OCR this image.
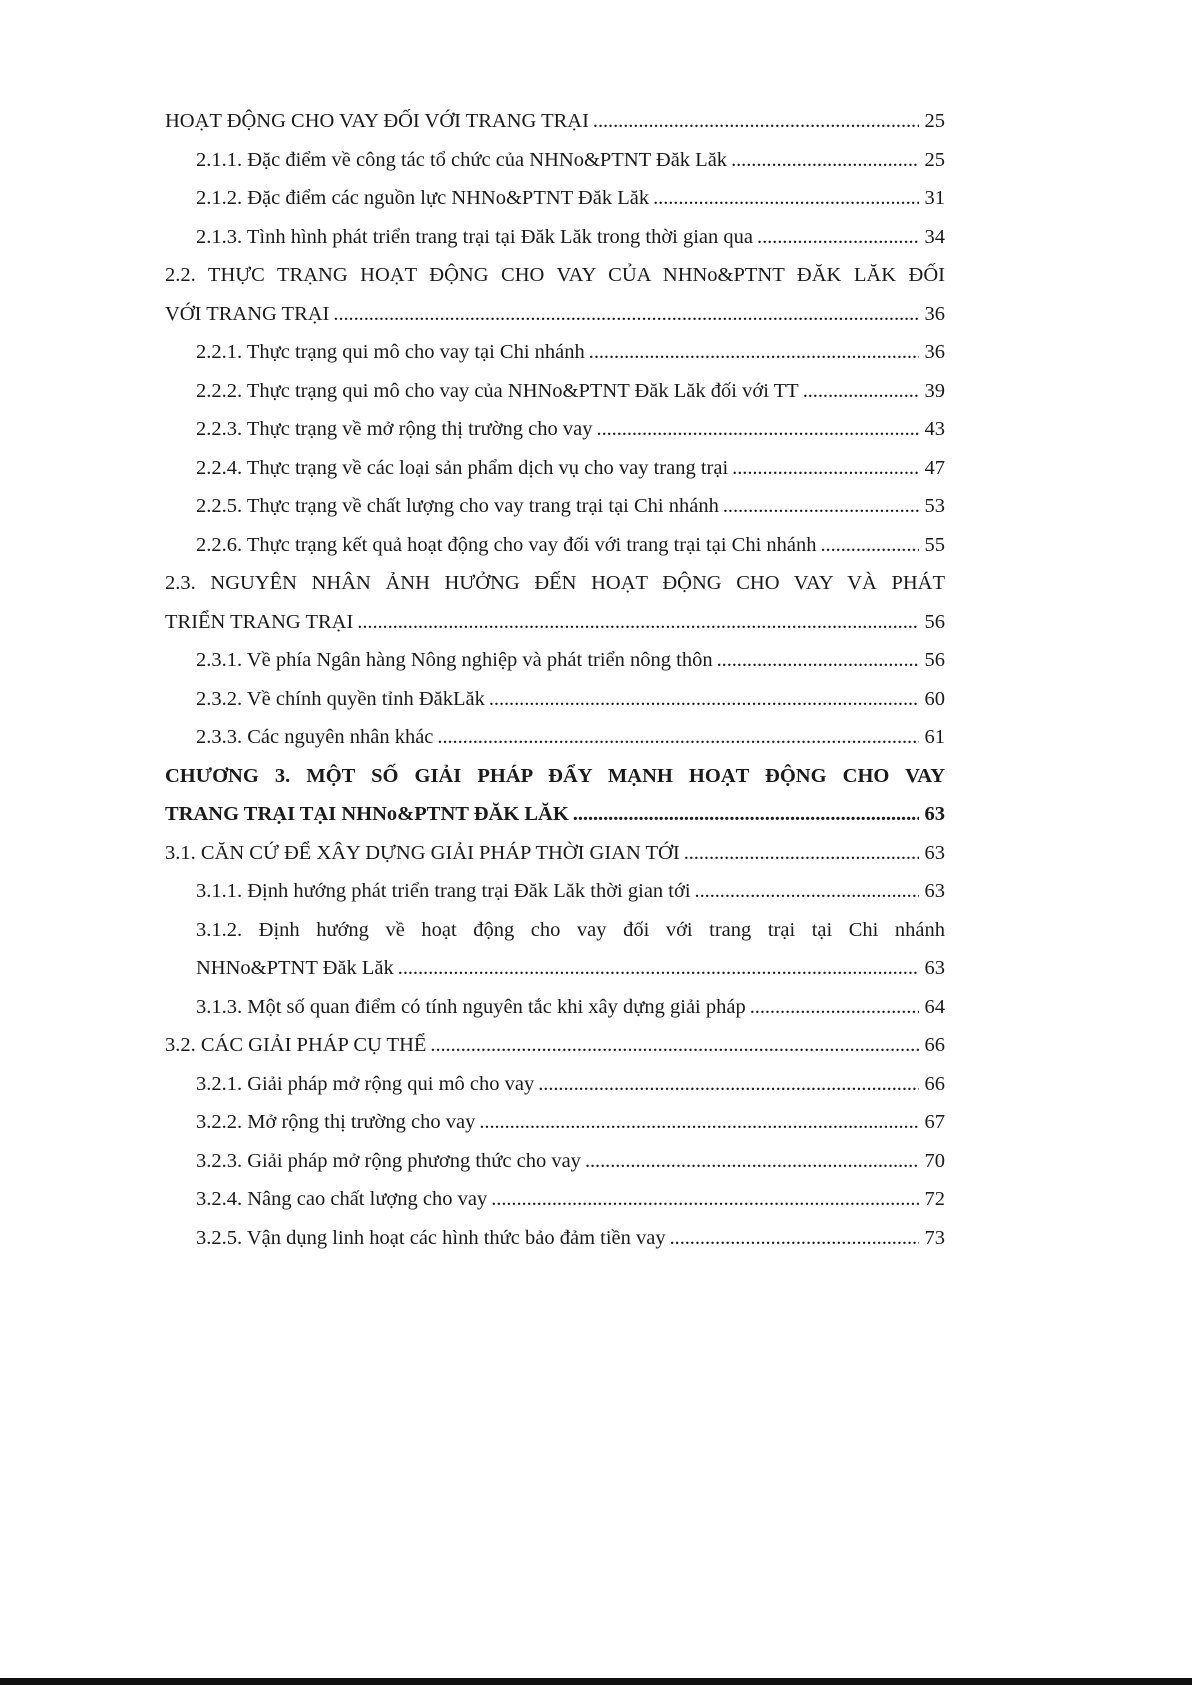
HOẠT ĐỘNG CHO VAY ĐỐI VỚI TRANG TRẠI . . .	25
2.1.1. Đặc điểm về công tác tổ chức của NHNo&PTNT Đăk Lăk . . .	25
2.1.2. Đặc điểm các nguồn lực NHNo&PTNT Đăk Lăk . . .	31
2.1.3. Tình hình phát triển trang trại tại Đăk Lăk trong thời gian qua . . .	34
2.2. THỰC TRẠNG HOẠT ĐỘNG CHO VAY CỦA NHNo&PTNT ĐĂK LĂK ĐỐI
VỚI TRANG TRẠI . . .	36
2.2.1. Thực trạng qui mô cho vay tại Chi nhánh . . .	36
2.2.2. Thực trạng qui mô cho vay của NHNo&PTNT Đăk Lăk đối với TT . . .	39
2.2.3. Thực trạng về mở rộng thị trường cho vay . . .	43
2.2.4. Thực trạng về các loại sản phẩm dịch vụ cho vay trang trại . . .	47
2.2.5. Thực trạng về chất lượng cho vay trang trại tại Chi nhánh . . .	53
2.2.6. Thực trạng kết quả hoạt động cho vay đối với trang trại tại Chi nhánh . . .	55
2.3. NGUYÊN NHÂN ẢNH HƯỞNG ĐẾN HOẠT ĐỘNG CHO VAY VÀ PHÁT
TRIỂN TRANG TRẠI . . .	56
2.3.1. Về phía Ngân hàng Nông nghiệp và phát triển nông thôn . . .	56
2.3.2. Về chính quyền tỉnh ĐăkLăk . . .	60
2.3.3. Các nguyên nhân khác . . .	61
CHƯƠNG 3. MỘT SỐ GIẢI PHÁP ĐẨY MẠNH HOẠT ĐỘNG CHO VAY
TRANG TRẠI TẠI NHNo&PTNT ĐĂK LĂK . . .	63
3.1. CĂN CỨ ĐỂ XÂY DỰNG GIẢI PHÁP THỜI GIAN TỚI . . .	63
3.1.1. Định hướng phát triển trang trại Đăk Lăk thời gian tới . . .	63
3.1.2. Định hướng về hoạt động cho vay đối với trang trại tại Chi nhánh
NHNo&PTNT Đăk Lăk . . .	63
3.1.3. Một số quan điểm có tính nguyên tắc khi xây dựng giải pháp . . .	64
3.2. CÁC GIẢI PHÁP CỤ THỂ . . .	66
3.2.1. Giải pháp mở rộng qui mô cho vay . . .	66
3.2.2. Mở rộng thị trường cho vay . . .	67
3.2.3. Giải pháp mở rộng phương thức cho vay . . .	70
3.2.4. Nâng cao chất lượng cho vay . . .	72
3.2.5. Vận dụng linh hoạt các hình thức bảo đảm tiền vay . . .	73
